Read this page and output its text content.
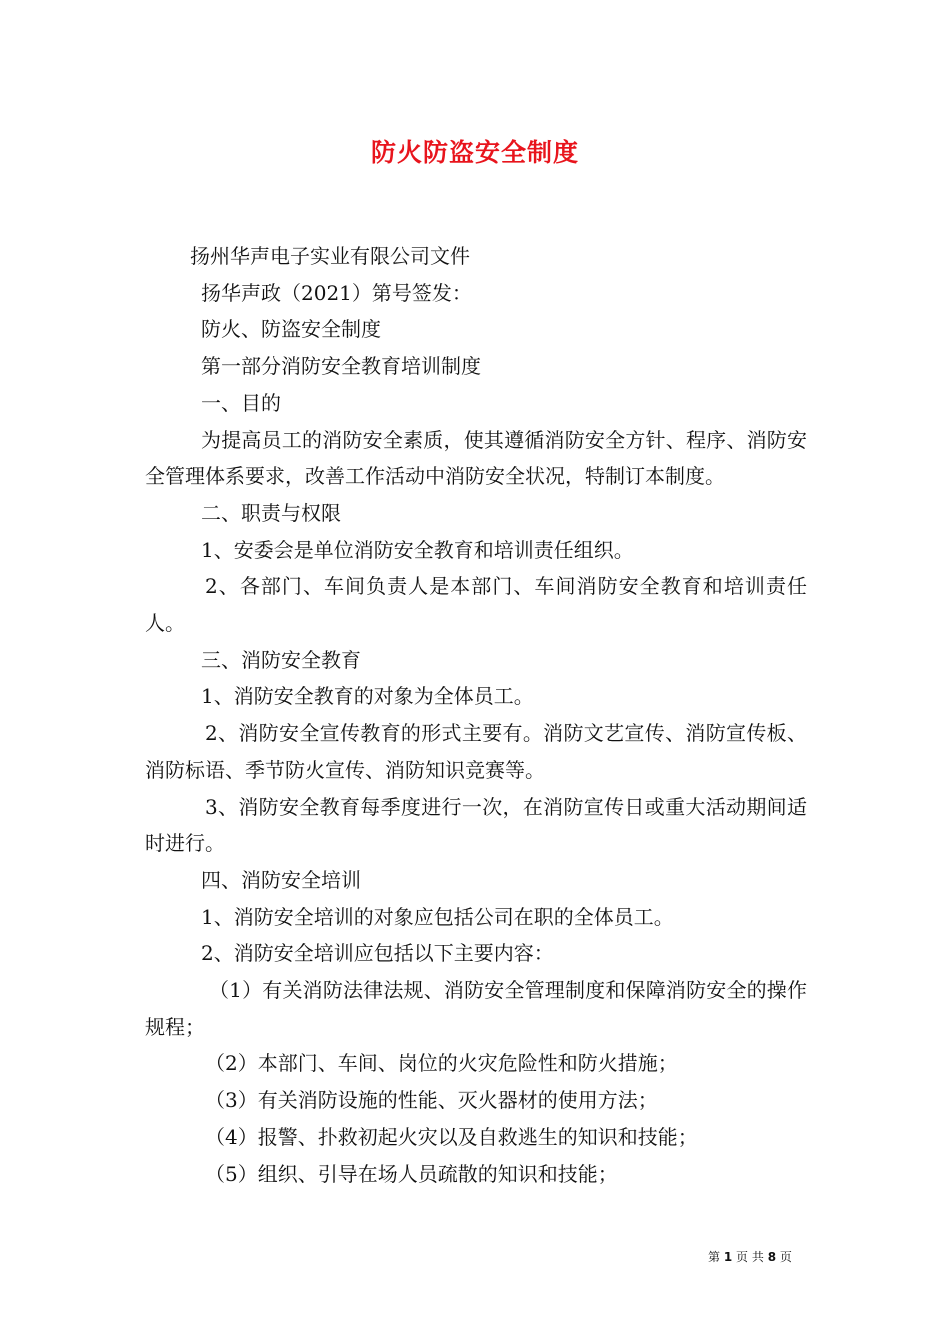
防火防盗安全制度

扬州华声电子实业有限公司文件

扬华声政（2021）第号签发：

防火、防盗安全制度

第一部分消防安全教育培训制度

一、目的

为提高员工的消防安全素质，使其遵循消防安全方针、程序、消防安全管理体系要求，改善工作活动中消防安全状况，特制订本制度。

二、职责与权限

1、安委会是单位消防安全教育和培训责任组织。

2、各部门、车间负责人是本部门、车间消防安全教育和培训责任人。

三、消防安全教育

1、消防安全教育的对象为全体员工。

2、消防安全宣传教育的形式主要有。消防文艺宣传、消防宣传板、消防标语、季节防火宣传、消防知识竞赛等。

3、消防安全教育每季度进行一次，在消防宣传日或重大活动期间适时进行。

四、消防安全培训

1、消防安全培训的对象应包括公司在职的全体员工。

2、消防安全培训应包括以下主要内容：

（1）有关消防法律法规、消防安全管理制度和保障消防安全的操作规程；

（2）本部门、车间、岗位的火灾危险性和防火措施；

（3）有关消防设施的性能、灭火器材的使用方法；

（4）报警、扑救初起火灾以及自救逃生的知识和技能；

（5）组织、引导在场人员疏散的知识和技能；

第 1 页 共 8 页
